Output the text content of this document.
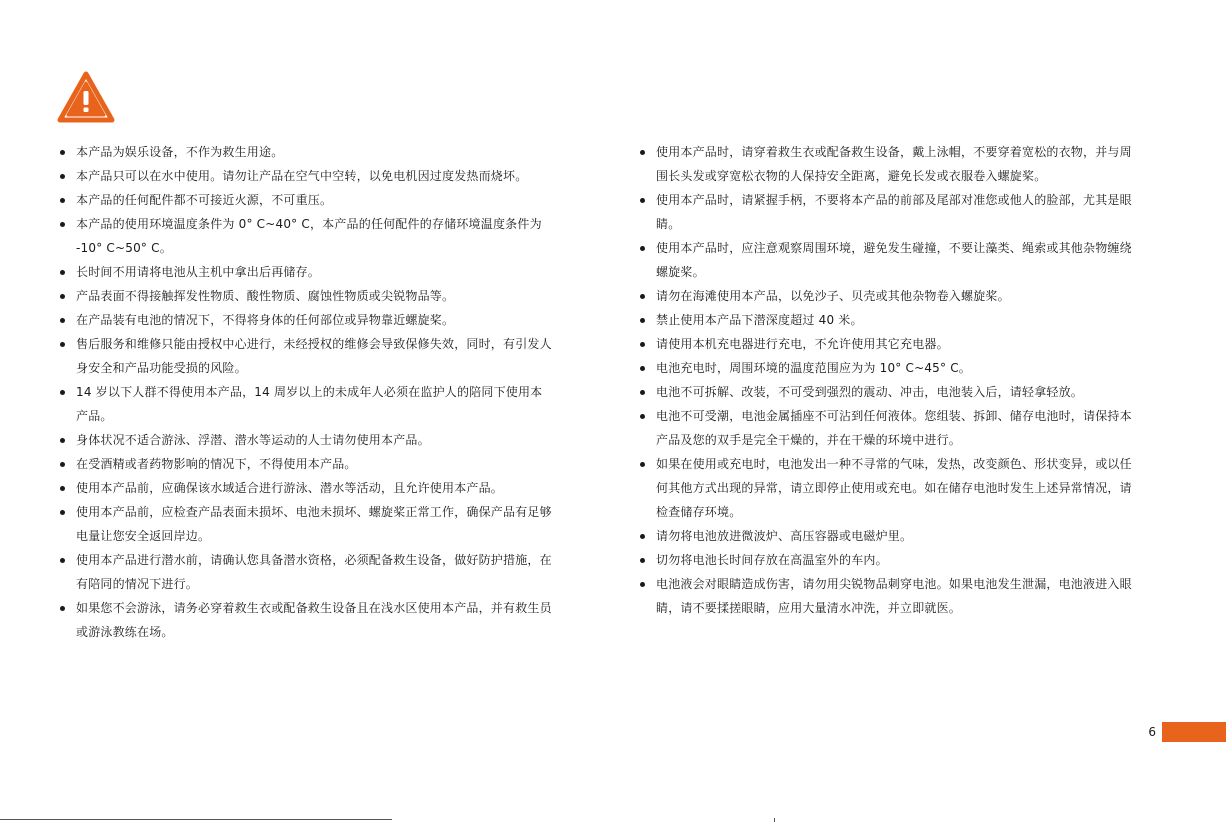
本产品为娱乐设备，不作为救生用途。
本产品只可以在水中使用。请勿让产品在空气中空转，以免电机因过度发热而烧坏。
本产品的任何配件都不可接近火源，不可重压。
本产品的使用环境温度条件为 0° C~40° C，本产品的任何配件的存储环境温度条件为 -10° C~50° C。
长时间不用请将电池从主机中拿出后再储存。
产品表面不得接触挥发性物质、酸性物质、腐蚀性物质或尖锐物品等。
在产品装有电池的情况下，不得将身体的任何部位或异物靠近螺旋桨。
售后服务和维修只能由授权中心进行，未经授权的维修会导致保修失效，同时，有引发人身安全和产品功能受损的风险。
14 岁以下人群不得使用本产品，14 周岁以上的未成年人必须在监护人的陪同下使用本产品。
身体状况不适合游泳、浮潜、潜水等运动的人士请勿使用本产品。
在受酒精或者药物影响的情况下，不得使用本产品。
使用本产品前，应确保该水域适合进行游泳、潜水等活动，且允许使用本产品。
使用本产品前，应检查产品表面未损坏、电池未损坏、螺旋桨正常工作，确保产品有足够电量让您安全返回岸边。
使用本产品进行潜水前，请确认您具备潜水资格，必须配备救生设备，做好防护措施，在有陪同的情况下进行。
如果您不会游泳，请务必穿着救生衣或配备救生设备且在浅水区使用本产品，并有救生员或游泳教练在场。
使用本产品时，请穿着救生衣或配备救生设备，戴上泳帽，不要穿着宽松的衣物，并与周围长头发或穿宽松衣物的人保持安全距离，避免长发或衣服卷入螺旋桨。
使用本产品时，请紧握手柄，不要将本产品的前部及尾部对准您或他人的脸部，尤其是眼睛。
使用本产品时，应注意观察周围环境，避免发生碰撞，不要让藻类、绳索或其他杂物缠绕螺旋桨。
请勿在海滩使用本产品，以免沙子、贝壳或其他杂物卷入螺旋桨。
禁止使用本产品下潜深度超过 40 米。
请使用本机充电器进行充电，不允许使用其它充电器。
电池充电时，周围环境的温度范围应为为 10° C~45° C。
电池不可拆解、改装，不可受到强烈的震动、冲击，电池装入后，请轻拿轻放。
电池不可受潮，电池金属插座不可沾到任何液体。您组装、拆卸、储存电池时，请保持本产品及您的双手是完全干燥的，并在干燥的环境中进行。
如果在使用或充电时，电池发出一种不寻常的气味，发热，改变颜色、形状变异，或以任何其他方式出现的异常，请立即停止使用或充电。如在储存电池时发生上述异常情况，请检查储存环境。
请勿将电池放进微波炉、高压容器或电磁炉里。
切勿将电池长时间存放在高温室外的车内。
电池液会对眼睛造成伤害，请勿用尖锐物品刺穿电池。如果电池发生泄漏，电池液进入眼睛，请不要揉搓眼睛，应用大量清水冲洗，并立即就医。
6
